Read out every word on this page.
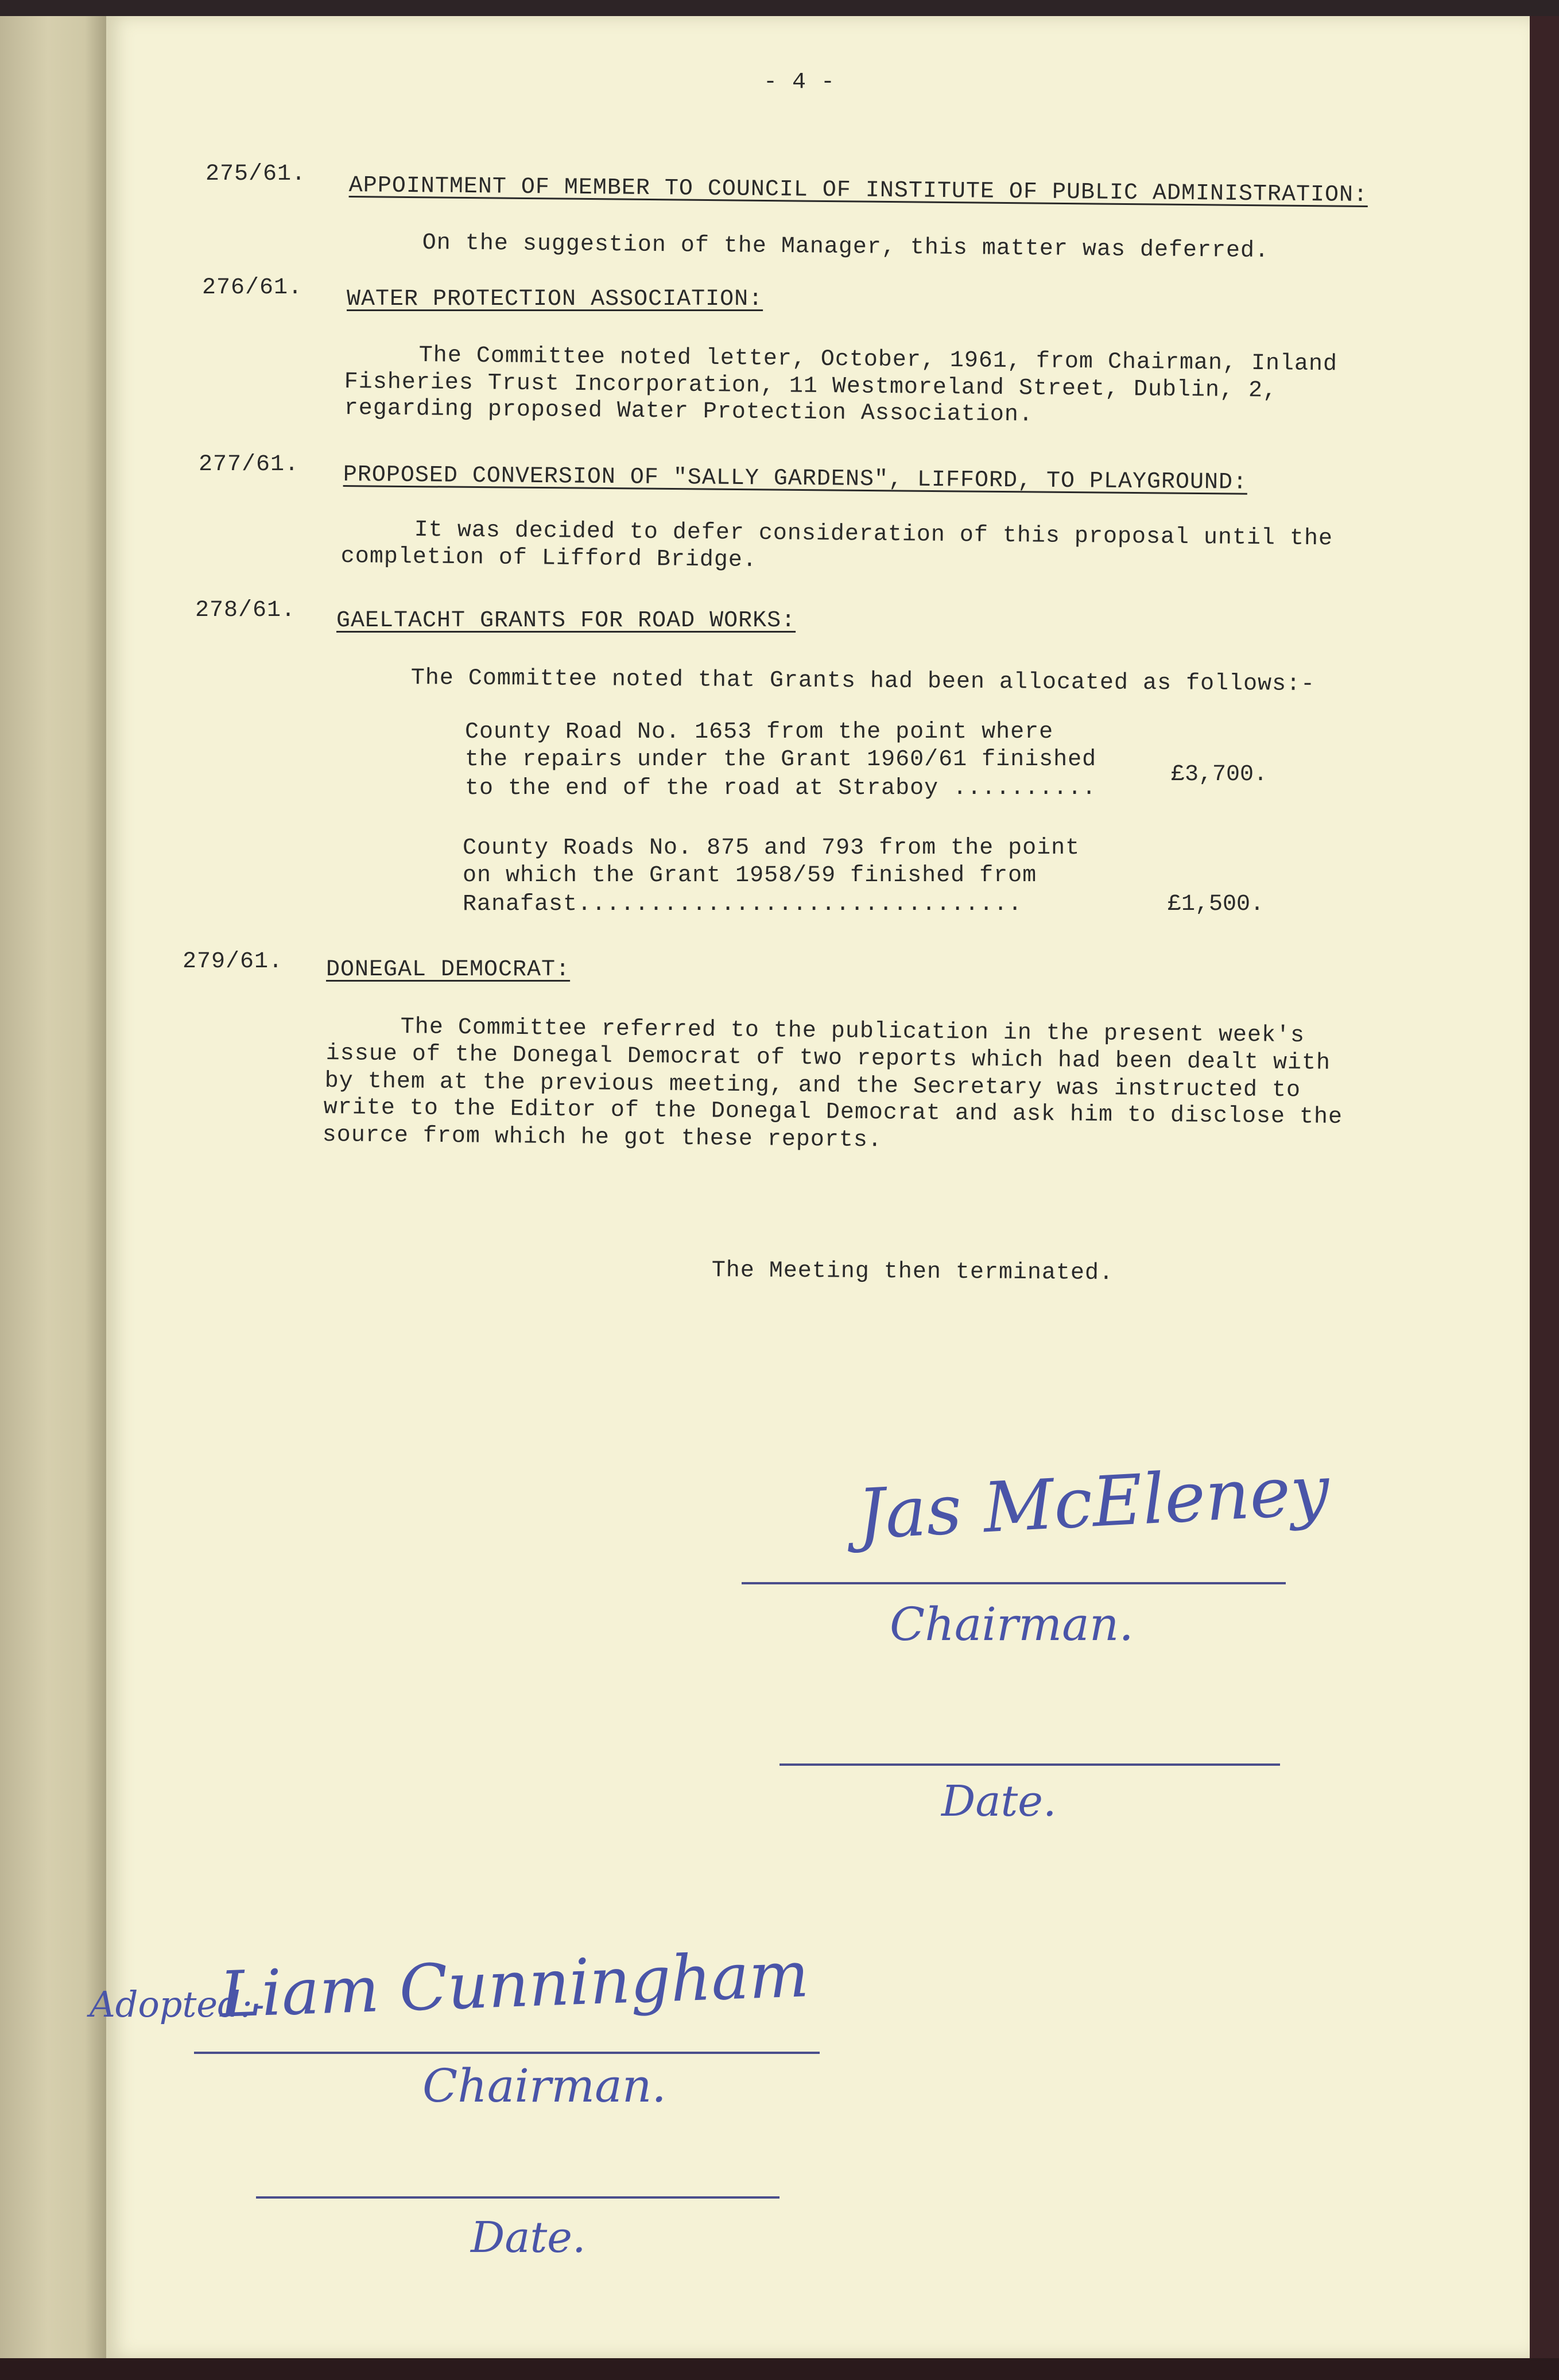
- 4 -
275/61. APPOINTMENT OF MEMBER TO COUNCIL OF INSTITUTE OF PUBLIC ADMINISTRATION:
On the suggestion of the Manager, this matter was deferred.
276/61. WATER PROTECTION ASSOCIATION:
The Committee noted letter, October, 1961, from Chairman, Inland
Fisheries Trust Incorporation, 11 Westmoreland Street, Dublin, 2,
regarding proposed Water Protection Association.
277/61. PROPOSED CONVERSION OF "SALLY GARDENS", LIFFORD, TO PLAYGROUND:
It was decided to defer consideration of this proposal until the
completion of Lifford Bridge.
278/61. GAELTACHT GRANTS FOR ROAD WORKS:
The Committee noted that Grants had been allocated as follows:-
County Road No. 1653 from the point where
the repairs under the Grant 1960/61 finished
to the end of the road at Straboy ..........
£3,700.
County Roads No. 875 and 793 from the point
on which the Grant 1958/59 finished from
Ranafast...............................	£1,500.
279/61. DONEGAL DEMOCRAT:
The Committee referred to the publication in the present week's
issue of the Donegal Democrat of two reports which had been dealt with
by them at the previous meeting, and the Secretary was instructed to
write to the Editor of the Donegal Democrat and ask him to disclose the
source from which he got these reports.
The Meeting then terminated.
Jas McEleney
Chairman.
Date.
Adopted:-
Liam Cunningham
Chairman.
Date.
